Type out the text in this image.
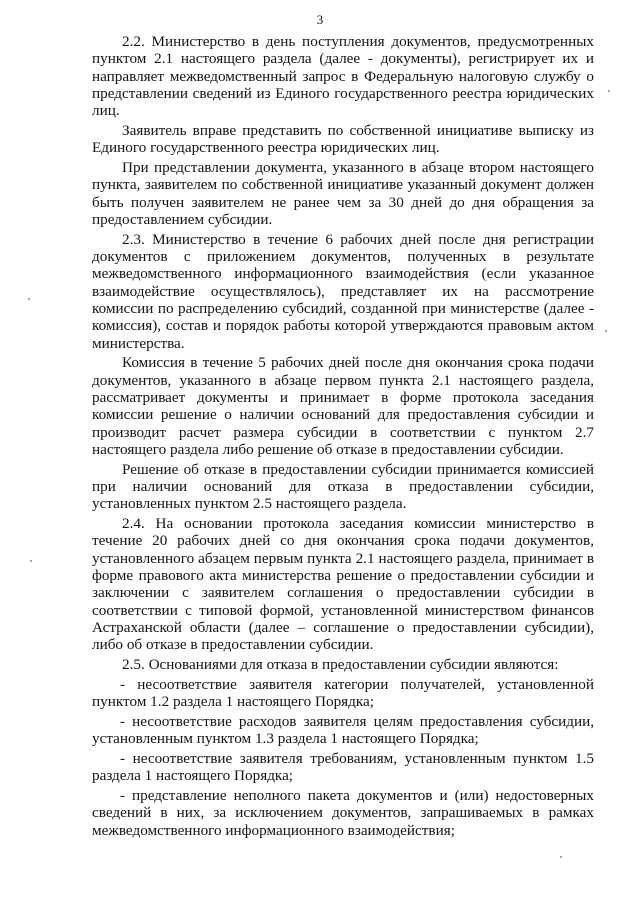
3

2.2. Министерство в день поступления документов, предусмотренных пунктом 2.1 настоящего раздела (далее - документы), регистрирует их и направляет межведомственный запрос в Федеральную налоговую службу о представлении сведений из Единого государственного реестра юридических лиц.

Заявитель вправе представить по собственной инициативе выписку из Единого государственного реестра юридических лиц.

При представлении документа, указанного в абзаце втором настоящего пункта, заявителем по собственной инициативе указанный документ должен быть получен заявителем не ранее чем за 30 дней до дня обращения за предоставлением субсидии.

2.3. Министерство в течение 6 рабочих дней после дня регистрации документов с приложением документов, полученных в результате межведомственного информационного взаимодействия (если указанное взаимодействие осуществлялось), представляет их на рассмотрение комиссии по распределению субсидий, созданной при министерстве (далее - комиссия), состав и порядок работы которой утверждаются правовым актом министерства.

Комиссия в течение 5 рабочих дней после дня окончания срока подачи документов, указанного в абзаце первом пункта 2.1 настоящего раздела, рассматривает документы и принимает в форме протокола заседания комиссии решение о наличии оснований для предоставления субсидии и производит расчет размера субсидии в соответствии с пунктом 2.7 настоящего раздела либо решение об отказе в предоставлении субсидии.

Решение об отказе в предоставлении субсидии принимается комиссией при наличии оснований для отказа в предоставлении субсидии, установленных пунктом 2.5 настоящего раздела.

2.4. На основании протокола заседания комиссии министерство в течение 20 рабочих дней со дня окончания срока подачи документов, установленного абзацем первым пункта 2.1 настоящего раздела, принимает в форме правового акта министерства решение о предоставлении субсидии и заключении с заявителем соглашения о предоставлении субсидии в соответствии с типовой формой, установленной министерством финансов Астраханской области (далее – соглашение о предоставлении субсидии), либо об отказе в предоставлении субсидии.

2.5. Основаниями для отказа в предоставлении субсидии являются:

- несоответствие заявителя категории получателей, установленной пунктом 1.2 раздела 1 настоящего Порядка;

- несоответствие расходов заявителя целям предоставления субсидии, установленным пунктом 1.3 раздела 1 настоящего Порядка;

- несоответствие заявителя требованиям, установленным пунктом 1.5 раздела 1 настоящего Порядка;

- представление неполного пакета документов и (или) недостоверных сведений в них, за исключением документов, запрашиваемых в рамках межведомственного информационного взаимодействия;
